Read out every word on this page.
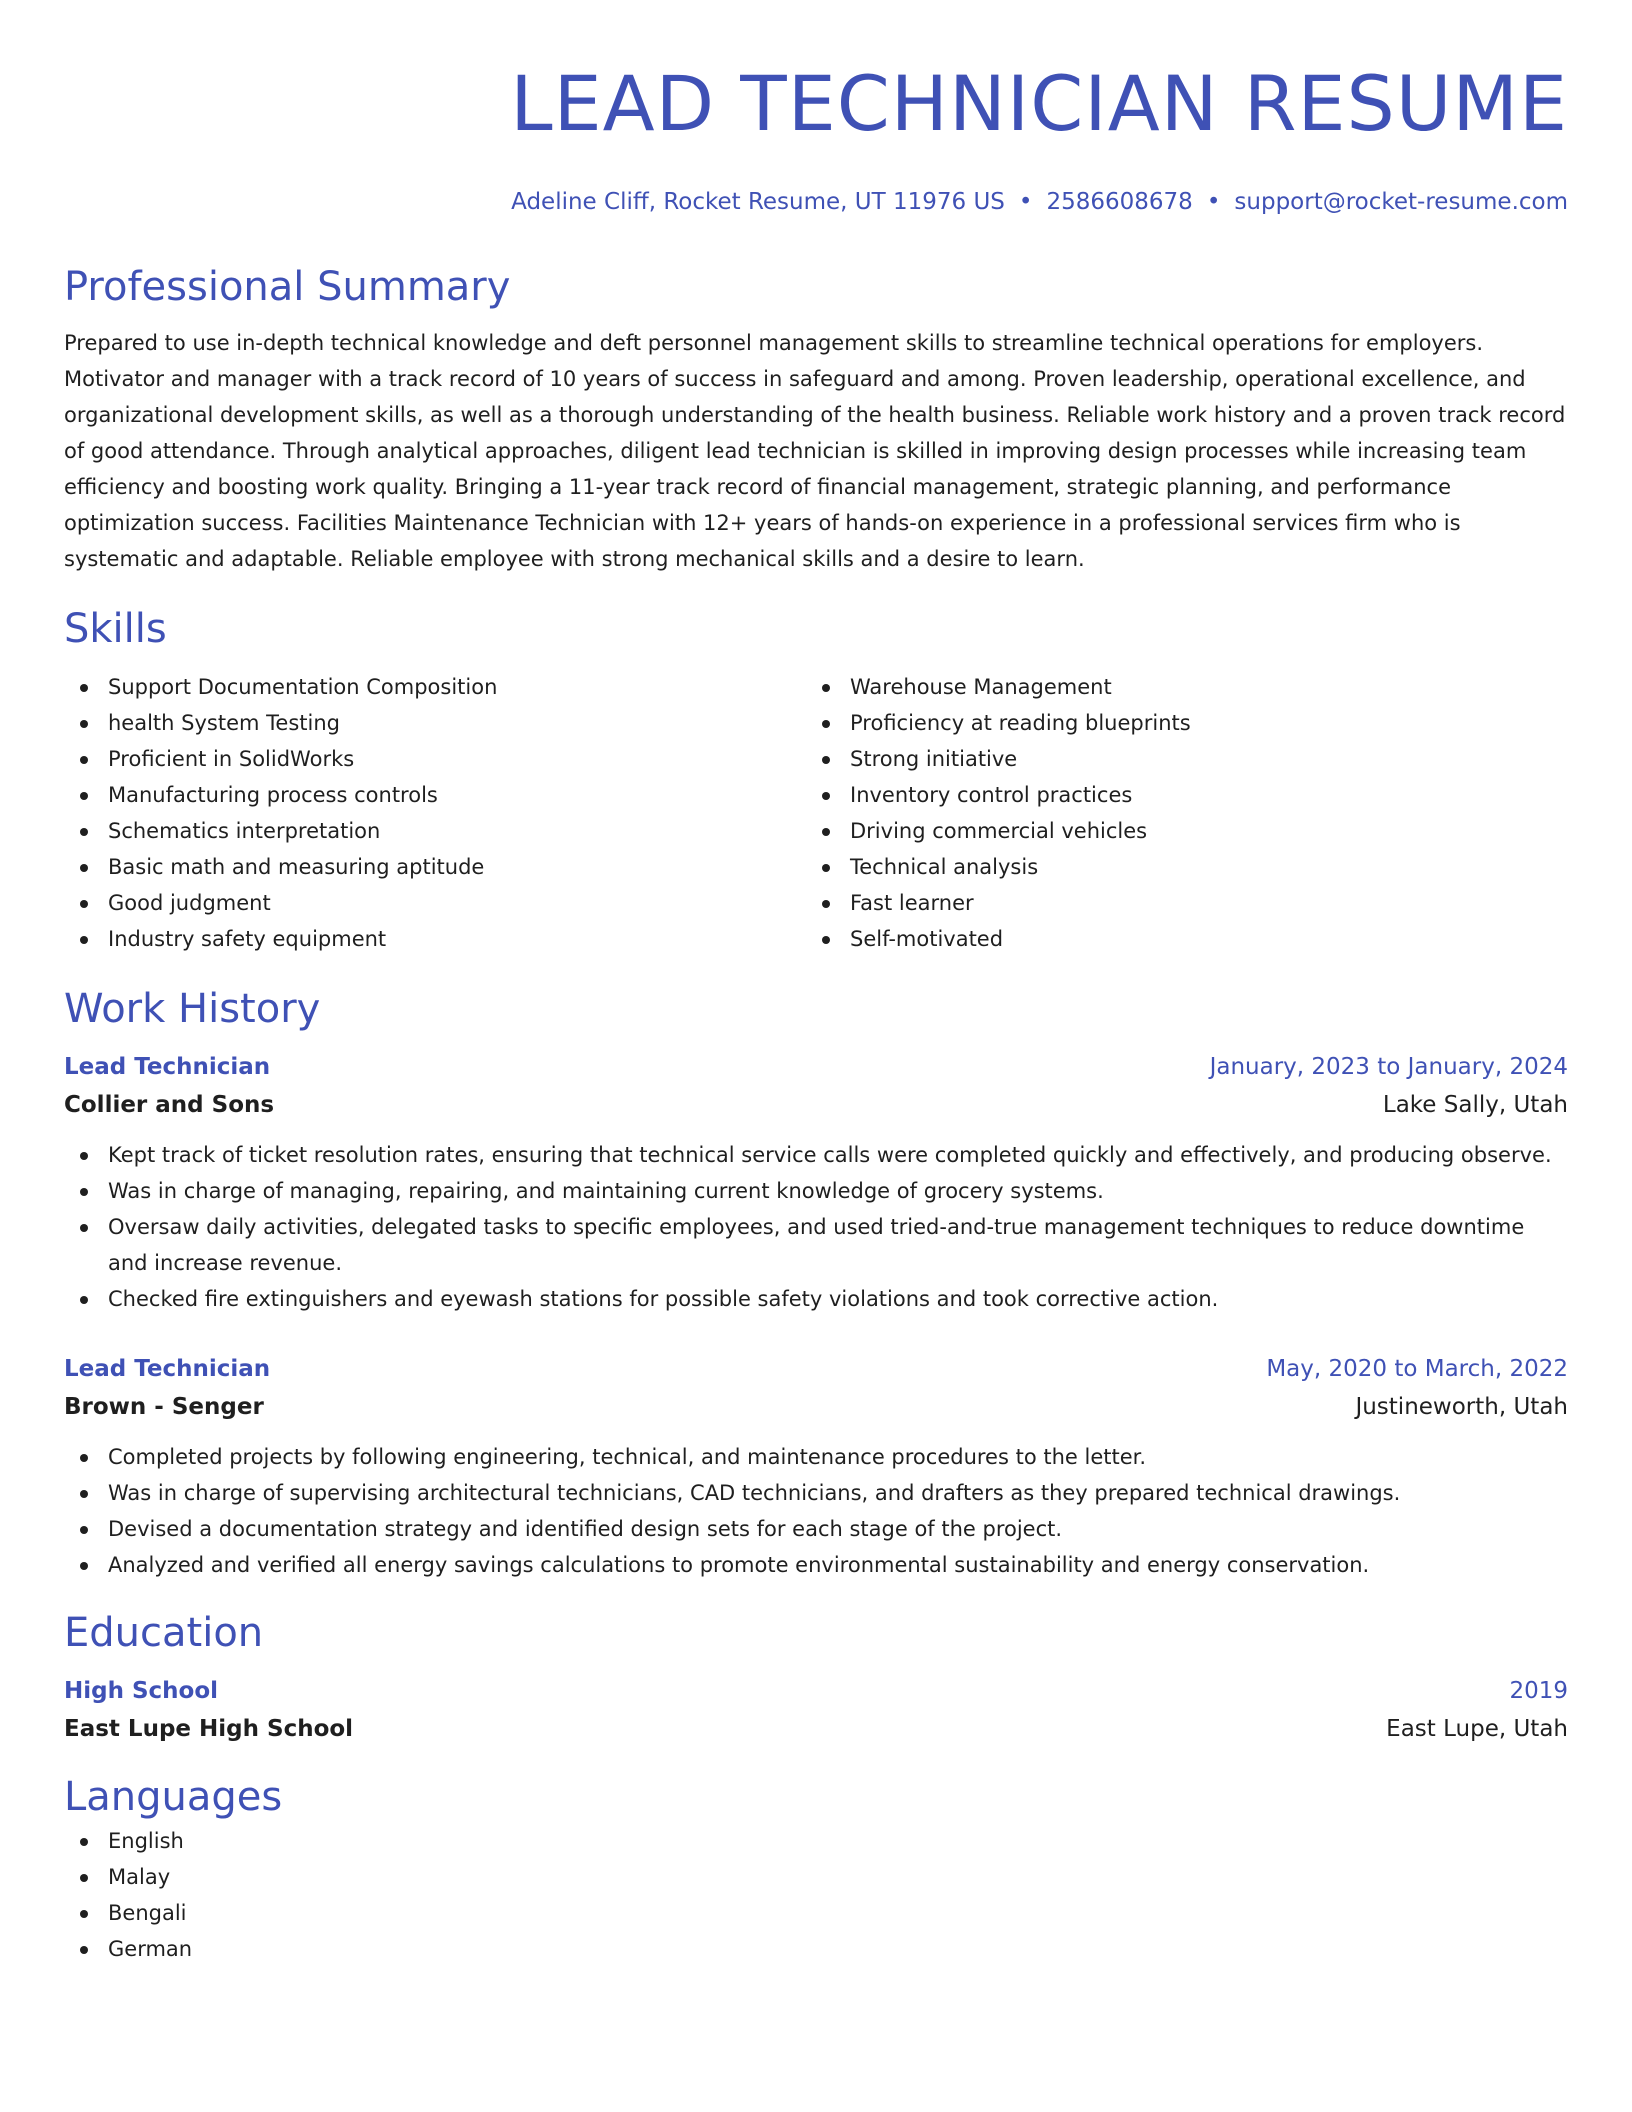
LEAD TECHNICIAN RESUME
Adeline Cliff, Rocket Resume, UT 11976 US • 2586608678 • support@rocket-resume.com
Professional Summary

Prepared to use in-depth technical knowledge and deft personnel management skills to streamline technical operations for employers. Motivator and manager with a track record of 10 years of success in safeguard and among. Proven leadership, operational excellence, and organizational development skills, as well as a thorough understanding of the health business. Reliable work history and a proven track record of good attendance. Through analytical approaches, diligent lead technician is skilled in improving design processes while increasing team efficiency and boosting work quality. Bringing a 11-year track record of financial management, strategic planning, and performance optimization success. Facilities Maintenance Technician with 12+ years of hands-on experience in a professional services firm who is systematic and adaptable. Reliable employee with strong mechanical skills and a desire to learn.

Skills
Support Documentation Composition
health System Testing
Proficient in SolidWorks
Manufacturing process controls
Schematics interpretation
Basic math and measuring aptitude
Good judgment
Industry safety equipment
Warehouse Management
Proficiency at reading blueprints
Strong initiative
Inventory control practices
Driving commercial vehicles
Technical analysis
Fast learner
Self-motivated
Work History
Lead Technician	January, 2023 to January, 2024
Collier and Sons	Lake Sally, Utah
Kept track of ticket resolution rates, ensuring that technical service calls were completed quickly and effectively, and producing observe.
Was in charge of managing, repairing, and maintaining current knowledge of grocery systems.
Oversaw daily activities, delegated tasks to specific employees, and used tried-and-true management techniques to reduce downtime and increase revenue.
Checked fire extinguishers and eyewash stations for possible safety violations and took corrective action.
Lead Technician	May, 2020 to March, 2022
Brown - Senger	Justineworth, Utah
Completed projects by following engineering, technical, and maintenance procedures to the letter.
Was in charge of supervising architectural technicians, CAD technicians, and drafters as they prepared technical drawings.
Devised a documentation strategy and identified design sets for each stage of the project.
Analyzed and verified all energy savings calculations to promote environmental sustainability and energy conservation.
Education
High School	2019
East Lupe High School	East Lupe, Utah
Languages
English
Malay
Bengali
German
